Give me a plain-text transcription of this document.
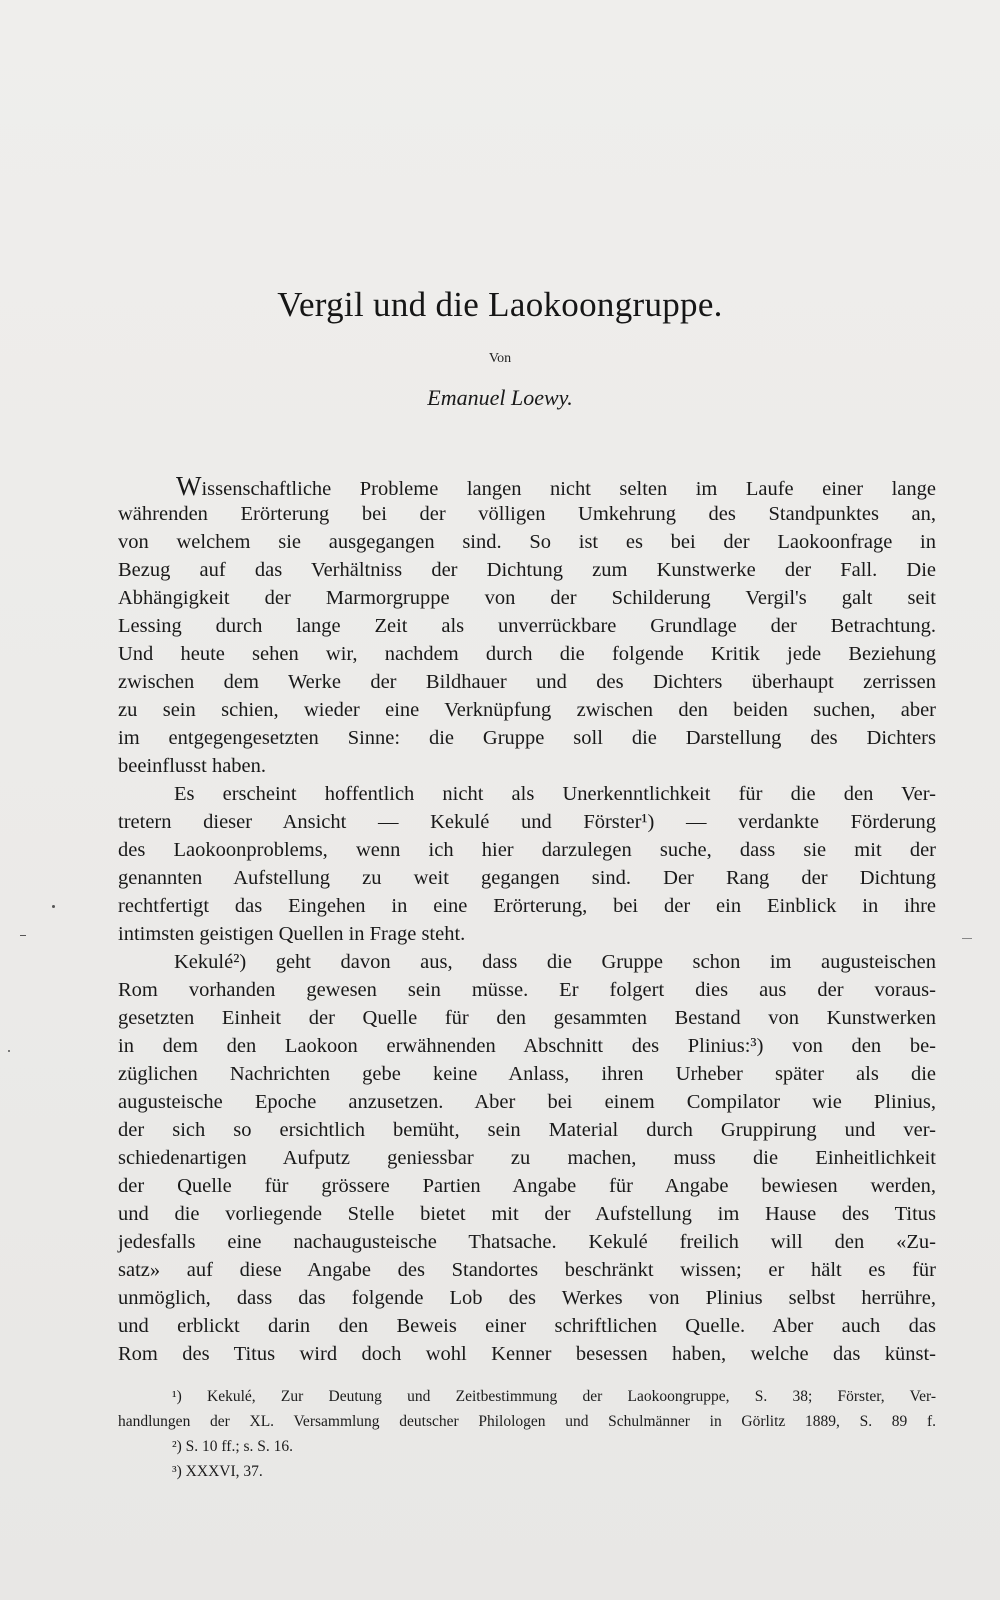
Vergil und die Laokoongruppe.
Von
Emanuel Loewy.
Wissenschaftliche Probleme langen nicht selten im Laufe einer lange
währenden Erörterung bei der völligen Umkehrung des Standpunktes an,
von welchem sie ausgegangen sind. So ist es bei der Laokoonfrage in
Bezug auf das Verhältniss der Dichtung zum Kunstwerke der Fall. Die
Abhängigkeit der Marmorgruppe von der Schilderung Vergil's galt seit
Lessing durch lange Zeit als unverrückbare Grundlage der Betrachtung.
Und heute sehen wir, nachdem durch die folgende Kritik jede Beziehung
zwischen dem Werke der Bildhauer und des Dichters überhaupt zerrissen
zu sein schien, wieder eine Verknüpfung zwischen den beiden suchen, aber
im entgegengesetzten Sinne: die Gruppe soll die Darstellung des Dichters
beeinflusst haben.
Es erscheint hoffentlich nicht als Unerkenntlichkeit für die den Ver-
tretern dieser Ansicht — Kekulé und Förster¹) — verdankte Förderung
des Laokoonproblems, wenn ich hier darzulegen suche, dass sie mit der
genannten Aufstellung zu weit gegangen sind. Der Rang der Dichtung
rechtfertigt das Eingehen in eine Erörterung, bei der ein Einblick in ihre
intimsten geistigen Quellen in Frage steht.
Kekulé²) geht davon aus, dass die Gruppe schon im augusteischen
Rom vorhanden gewesen sein müsse. Er folgert dies aus der voraus-
gesetzten Einheit der Quelle für den gesammten Bestand von Kunstwerken
in dem den Laokoon erwähnenden Abschnitt des Plinius:³) von den be-
züglichen Nachrichten gebe keine Anlass, ihren Urheber später als die
augusteische Epoche anzusetzen. Aber bei einem Compilator wie Plinius,
der sich so ersichtlich bemüht, sein Material durch Gruppirung und ver-
schiedenartigen Aufputz geniessbar zu machen, muss die Einheitlichkeit
der Quelle für grössere Partien Angabe für Angabe bewiesen werden,
und die vorliegende Stelle bietet mit der Aufstellung im Hause des Titus
jedesfalls eine nachaugusteische Thatsache. Kekulé freilich will den «Zu-
satz» auf diese Angabe des Standortes beschränkt wissen; er hält es für
unmöglich, dass das folgende Lob des Werkes von Plinius selbst herrühre,
und erblickt darin den Beweis einer schriftlichen Quelle. Aber auch das
Rom des Titus wird doch wohl Kenner besessen haben, welche das künst-
¹) Kekulé, Zur Deutung und Zeitbestimmung der Laokoongruppe, S. 38; Förster, Ver-
handlungen der XL. Versammlung deutscher Philologen und Schulmänner in Görlitz 1889, S. 89 f.
²) S. 10 ff.; s. S. 16.
³) XXXVI, 37.
